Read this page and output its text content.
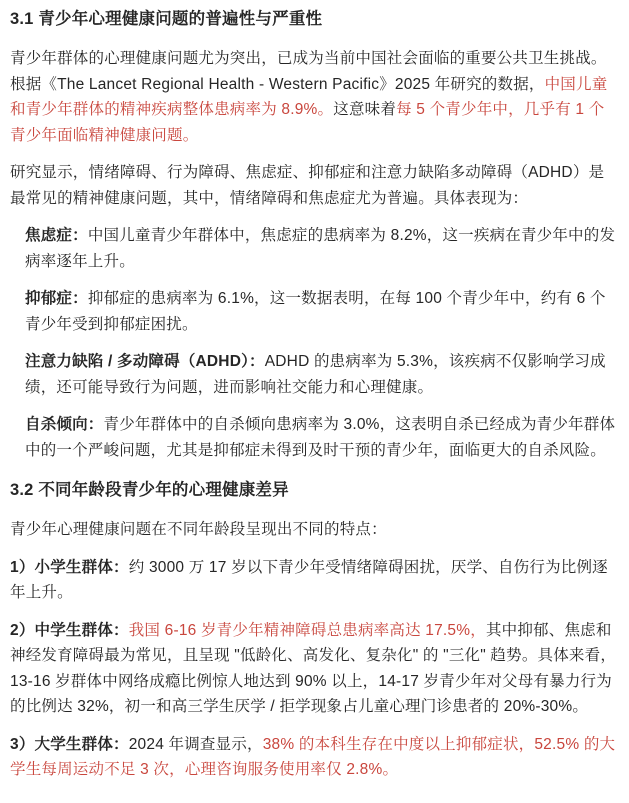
3.1 青少年心理健康问题的普遍性与严重性

青少年群体的心理健康问题尤为突出，已成为当前中国社会面临的重要公共卫生挑战。根据《The Lancet Regional Health - Western Pacific》2025 年研究的数据，中国儿童和青少年群体的精神疾病整体患病率为 8.9%。这意味着每 5 个青少年中，几乎有 1 个青少年面临精神健康问题。

研究显示，情绪障碍、行为障碍、焦虑症、抑郁症和注意力缺陷多动障碍（ADHD）是最常见的精神健康问题，其中，情绪障碍和焦虑症尤为普遍。具体表现为：

焦虑症：中国儿童青少年群体中，焦虑症的患病率为 8.2%，这一疾病在青少年中的发病率逐年上升。

抑郁症：抑郁症的患病率为 6.1%，这一数据表明，在每 100 个青少年中，约有 6 个青少年受到抑郁症困扰。

注意力缺陷 / 多动障碍（ADHD）：ADHD 的患病率为 5.3%，该疾病不仅影响学习成绩，还可能导致行为问题，进而影响社交能力和心理健康。

自杀倾向：青少年群体中的自杀倾向患病率为 3.0%，这表明自杀已经成为青少年群体中的一个严峻问题，尤其是抑郁症未得到及时干预的青少年，面临更大的自杀风险。

3.2 不同年龄段青少年的心理健康差异

青少年心理健康问题在不同年龄段呈现出不同的特点：

1）小学生群体：约 3000 万 17 岁以下青少年受情绪障碍困扰，厌学、自伤行为比例逐年上升。

2）中学生群体：我国 6-16 岁青少年精神障碍总患病率高达 17.5%，其中抑郁、焦虑和神经发育障碍最为常见，且呈现 "低龄化、高发化、复杂化" 的 "三化" 趋势。具体来看，13-16 岁群体中网络成瘾比例惊人地达到 90% 以上，14-17 岁青少年对父母有暴力行为的比例达 32%，初一和高三学生厌学 / 拒学现象占儿童心理门诊患者的 20%-30%。

3）大学生群体：2024 年调查显示，38% 的本科生存在中度以上抑郁症状，52.5% 的大学生每周运动不足 3 次，心理咨询服务使用率仅 2.8%。
